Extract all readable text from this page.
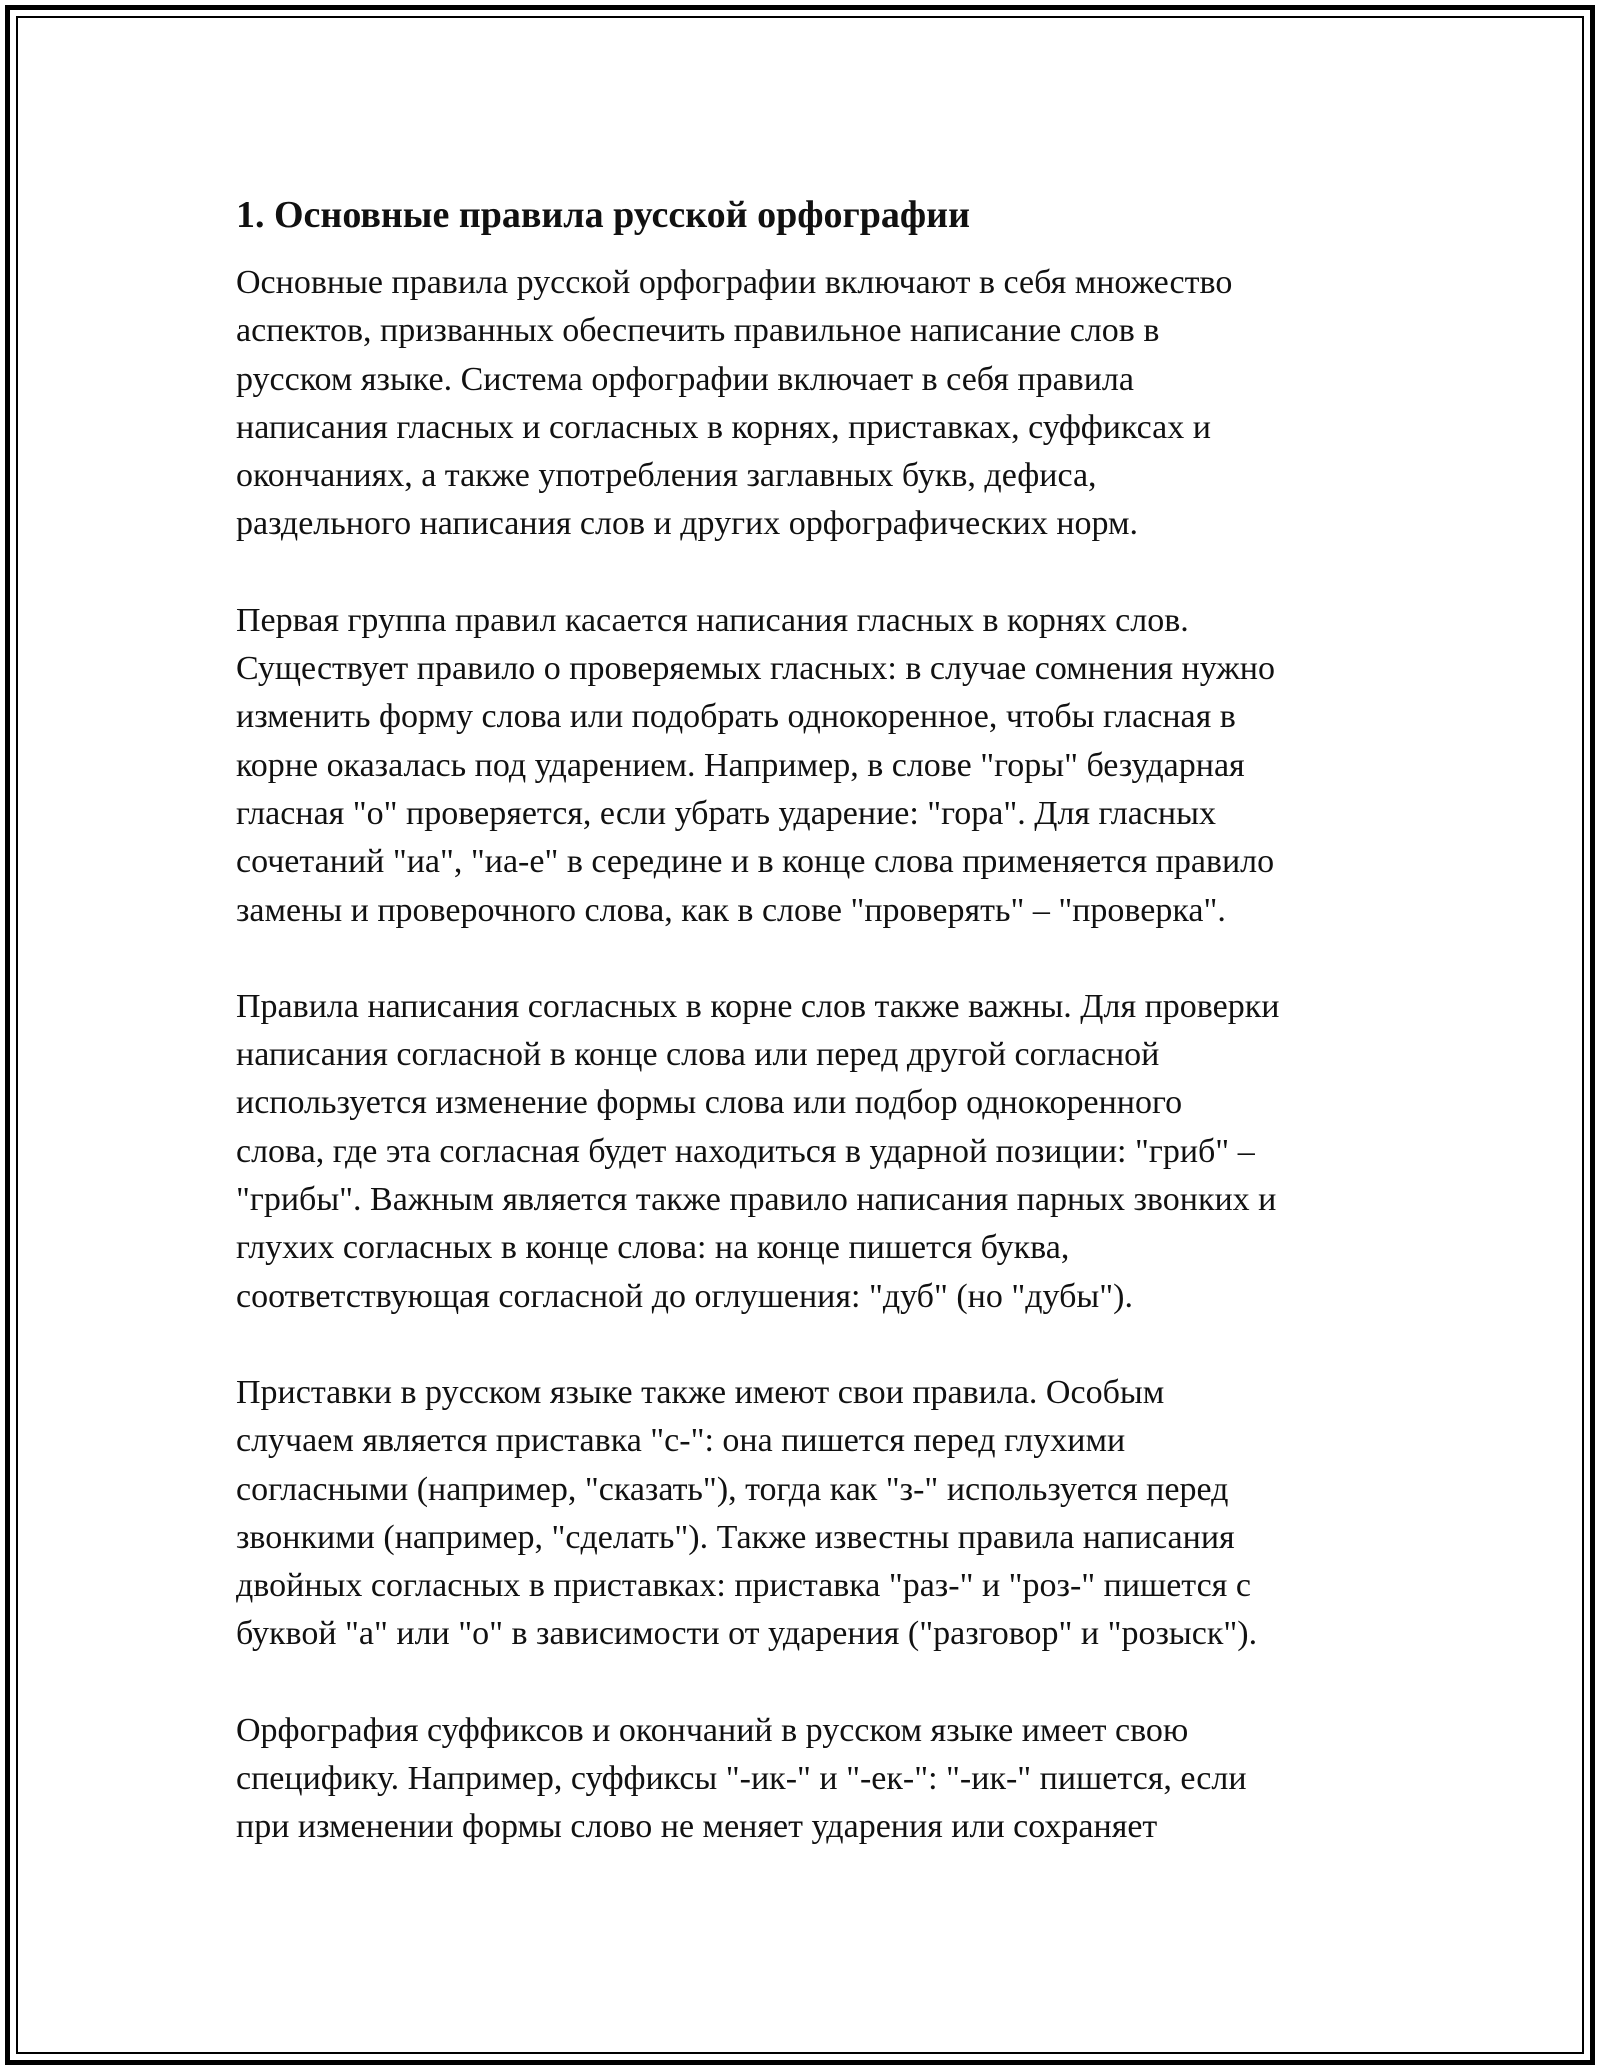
1. Основные правила русской орфографии

Основные правила русской орфографии включают в себя множество
аспектов, призванных обеспечить правильное написание слов в
русском языке. Система орфографии включает в себя правила
написания гласных и согласных в корнях, приставках, суффиксах и
окончаниях, а также употребления заглавных букв, дефиса,
раздельного написания слов и других орфографических норм.

Первая группа правил касается написания гласных в корнях слов.
Существует правило о проверяемых гласных: в случае сомнения нужно
изменить форму слова или подобрать однокоренное, чтобы гласная в
корне оказалась под ударением. Например, в слове "горы" безударная
гласная "о" проверяется, если убрать ударение: "гора". Для гласных
сочетаний "иа", "иа-е" в середине и в конце слова применяется правило
замены и проверочного слова, как в слове "проверять" – "проверка".

Правила написания согласных в корне слов также важны. Для проверки
написания согласной в конце слова или перед другой согласной
используется изменение формы слова или подбор однокоренного
слова, где эта согласная будет находиться в ударной позиции: "гриб" –
"грибы". Важным является также правило написания парных звонких и
глухих согласных в конце слова: на конце пишется буква,
соответствующая согласной до оглушения: "дуб" (но "дубы").

Приставки в русском языке также имеют свои правила. Особым
случаем является приставка "с-": она пишется перед глухими
согласными (например, "сказать"), тогда как "з-" используется перед
звонкими (например, "сделать"). Также известны правила написания
двойных согласных в приставках: приставка "раз-" и "роз-" пишется с
буквой "а" или "о" в зависимости от ударения ("разговор" и "розыск").

Орфография суффиксов и окончаний в русском языке имеет свою
специфику. Например, суффиксы "-ик-" и "-ек-": "-ик-" пишется, если
при изменении формы слово не меняет ударения или сохраняет
